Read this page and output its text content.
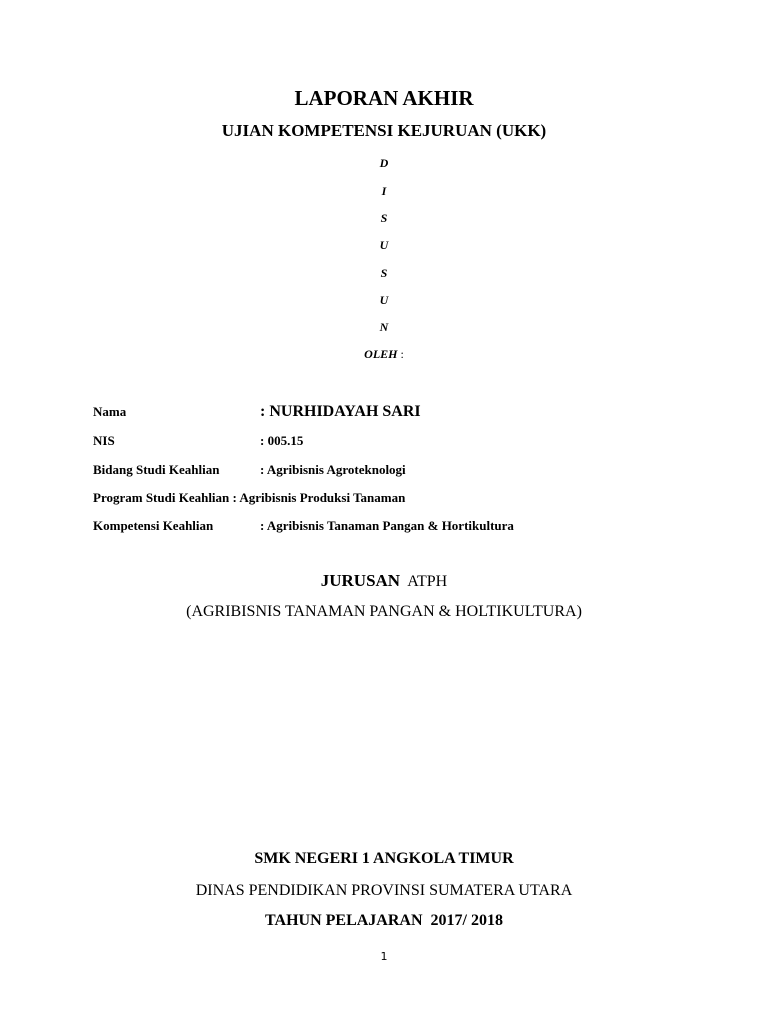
LAPORAN AKHIR
UJIAN KOMPETENSI KEJURUAN (UKK)
D
I
S
U
S
U
N
OLEH :
Nama	: NURHIDAYAH SARI
NIS	: 005.15
Bidang Studi Keahlian	: Agribisnis Agroteknologi
Program Studi Keahlian : Agribisnis Produksi Tanaman
Kompetensi Keahlian	: Agribisnis Tanaman Pangan & Hortikultura
JURUSAN ATPH
(AGRIBISNIS TANAMAN PANGAN & HOLTIKULTURA)
SMK NEGERI 1 ANGKOLA TIMUR
DINAS PENDIDIKAN PROVINSI SUMATERA UTARA
TAHUN PELAJARAN  2017/ 2018
1
